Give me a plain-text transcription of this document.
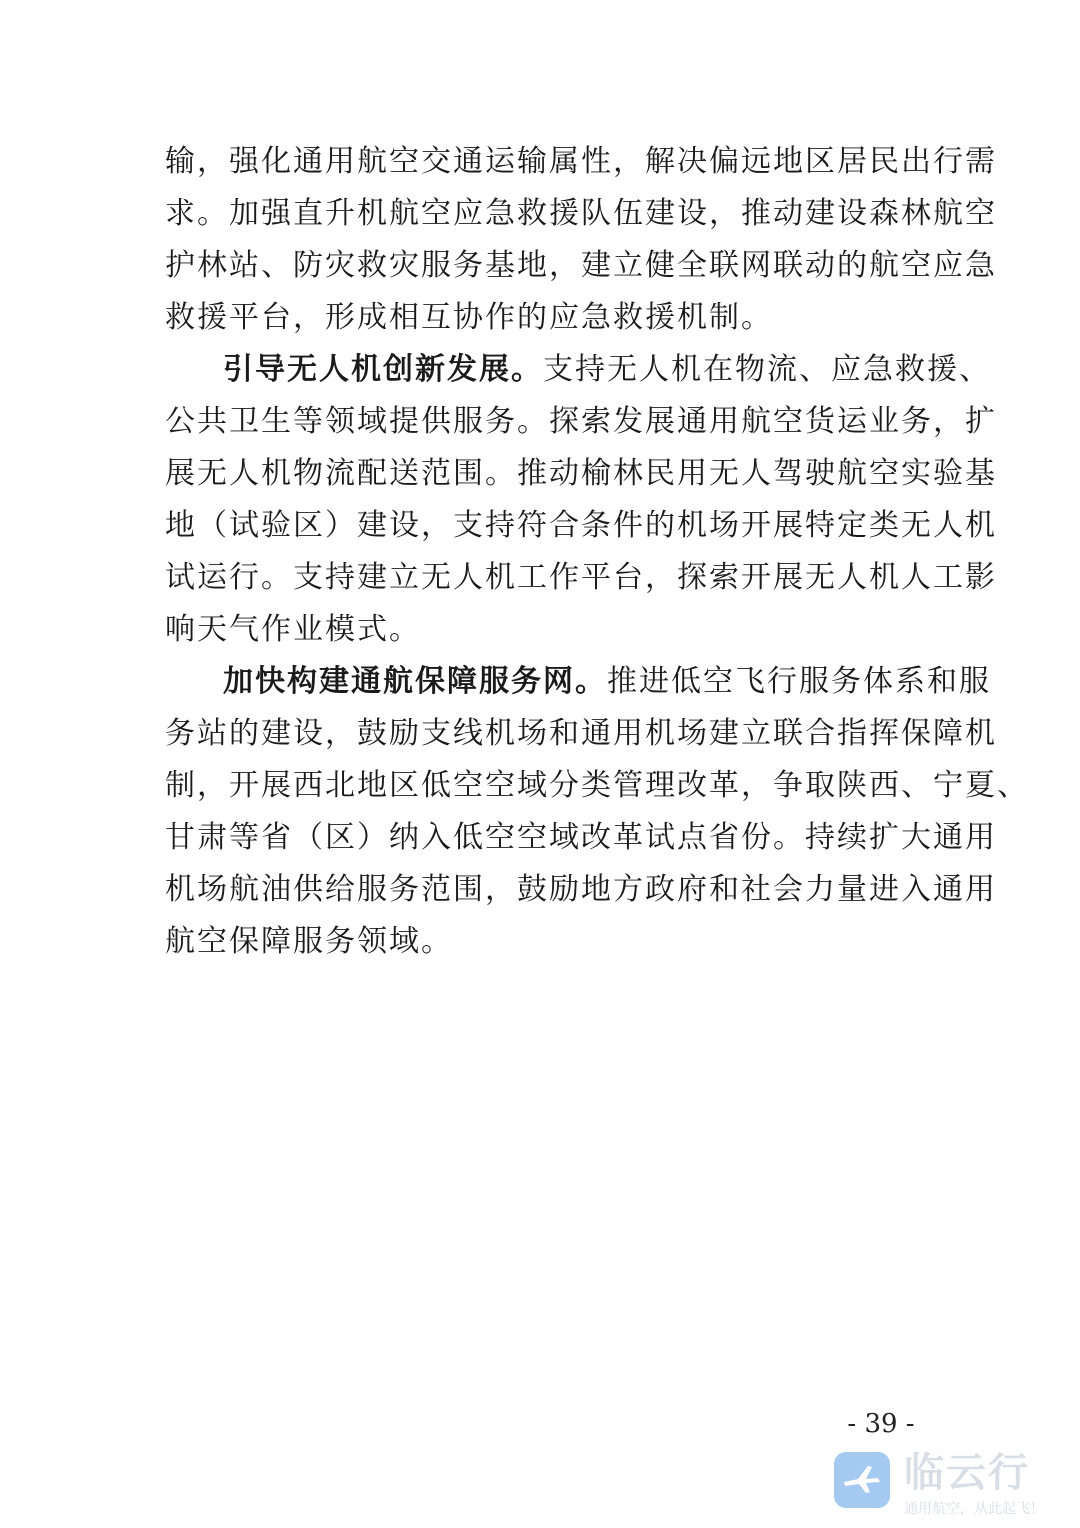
输，强化通用航空交通运输属性，解决偏远地区居民出行需
求。加强直升机航空应急救援队伍建设，推动建设森林航空
护林站、防灾救灾服务基地，建立健全联网联动的航空应急
救援平台，形成相互协作的应急救援机制。
引导无人机创新发展。支持无人机在物流、应急救援、
公共卫生等领域提供服务。探索发展通用航空货运业务，扩
展无人机物流配送范围。推动榆林民用无人驾驶航空实验基
地（试验区）建设，支持符合条件的机场开展特定类无人机
试运行。支持建立无人机工作平台，探索开展无人机人工影
响天气作业模式。
加快构建通航保障服务网。推进低空飞行服务体系和服
务站的建设，鼓励支线机场和通用机场建立联合指挥保障机
制，开展西北地区低空空域分类管理改革，争取陕西、宁夏、
甘肃等省（区）纳入低空空域改革试点省份。持续扩大通用
机场航油供给服务范围，鼓励地方政府和社会力量进入通用
航空保障服务领域。
- 39 -
临云行
通用航空，从此起飞！
